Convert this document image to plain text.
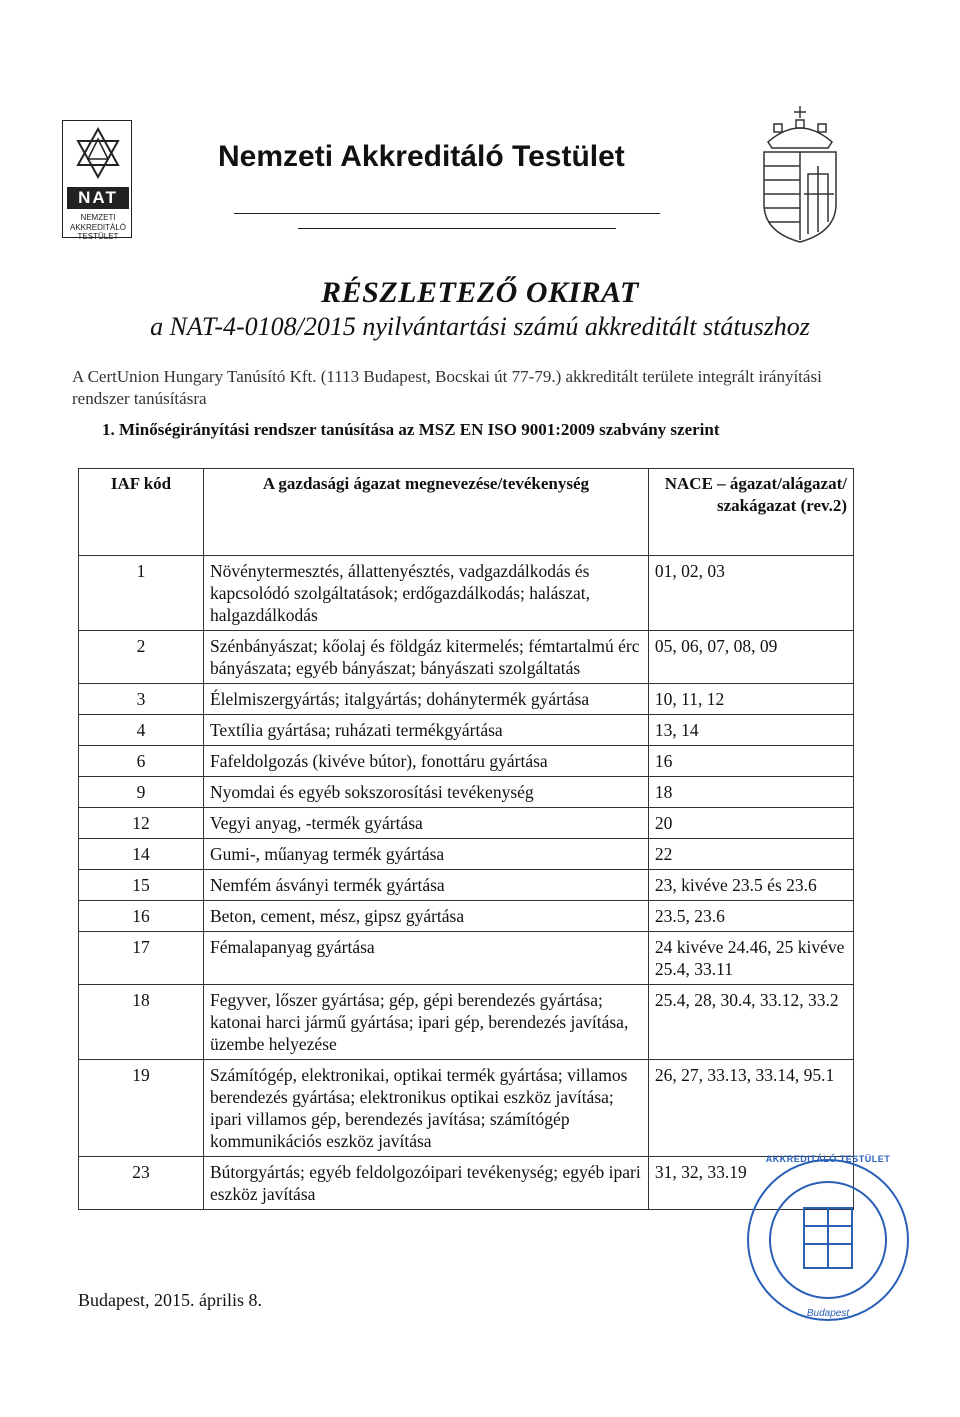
NAT
NEMZETI
AKKREDITÁLÓ
TESTÜLET
Nemzeti Akkreditáló Testület
RÉSZLETEZŐ OKIRAT
a NAT-4-0108/2015 nyilvántartási számú akkreditált státuszhoz
A CertUnion Hungary Tanúsító Kft. (1113 Budapest, Bocskai út 77-79.) akkreditált területe integrált irányítási rendszer tanúsításra
1. Minőségirányítási rendszer tanúsítása az MSZ EN ISO 9001:2009 szabvány szerint
IAF kód	A gazdasági ágazat megnevezése/tevékenység	NACE – ágazat/alágazat/ szakágazat (rev.2)
1	Növénytermesztés, állattenyésztés, vadgazdálkodás és kapcsolódó szolgáltatások; erdőgazdálkodás; halászat, halgazdálkodás	01, 02, 03
2	Szénbányászat; kőolaj és földgáz kitermelés; fémtartalmú érc bányászata; egyéb bányászat; bányászati szolgáltatás	05, 06, 07, 08, 09
3	Élelmiszergyártás; italgyártás; dohánytermék gyártása	10, 11, 12
4	Textília gyártása; ruházati termékgyártása	13, 14
6	Fafeldolgozás (kivéve bútor), fonottáru gyártása	16
9	Nyomdai és egyéb sokszorosítási tevékenység	18
12	Vegyi anyag, -termék gyártása	20
14	Gumi-, műanyag termék gyártása	22
15	Nemfém ásványi termék gyártása	23, kivéve 23.5 és 23.6
16	Beton, cement, mész, gipsz gyártása	23.5, 23.6
17	Fémalapanyag gyártása	24 kivéve 24.46, 25 kivéve 25.4, 33.11
18	Fegyver, lőszer gyártása; gép, gépi berendezés gyártása; katonai harci jármű gyártása; ipari gép, berendezés javítása, üzembe helyezése	25.4, 28, 30.4, 33.12, 33.2
19	Számítógép, elektronikai, optikai termék gyártása; villamos berendezés gyártása; elektronikus optikai eszköz javítása; ipari villamos gép, berendezés javítása; számítógép kommunikációs eszköz javítása	26, 27, 33.13, 33.14, 95.1
23	Bútorgyártás; egyéb feldolgozóipari tevékenység; egyéb ipari eszköz javítása	31, 32, 33.19
AKKREDITÁLÓ TESTÜLET
Budapest
Budapest, 2015. április 8.
